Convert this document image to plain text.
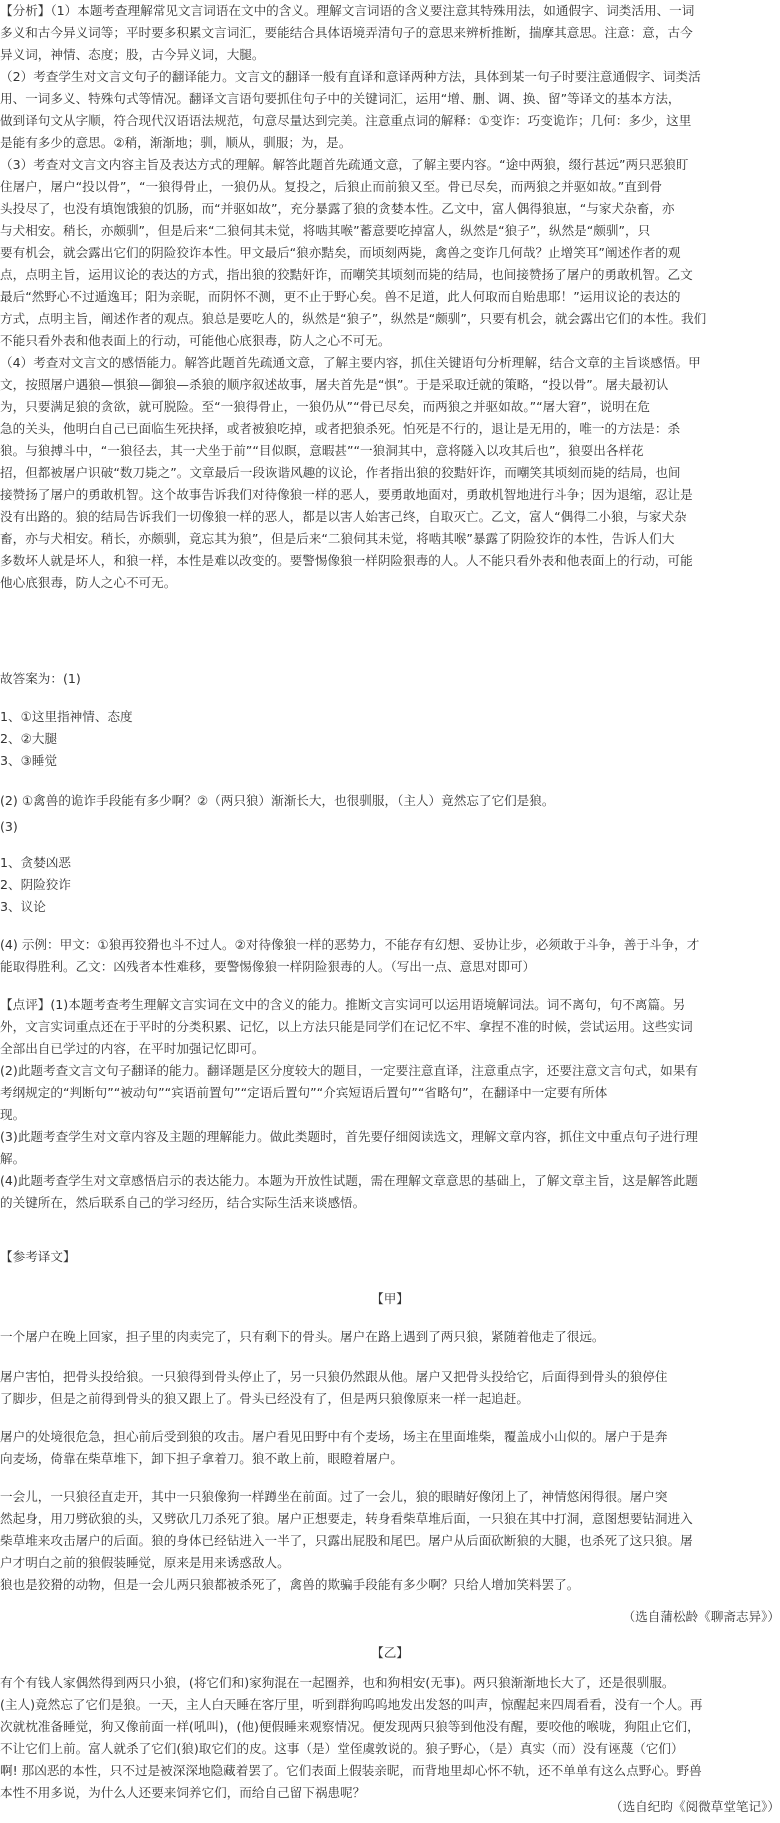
【分析】（1）本题考查理解常见文言词语在文中的含义。理解文言词语的含义要注意其特殊用法，如通假字、词类活用、一词
多义和古今异义词等；平时要多积累文言词汇，要能结合具体语境弄清句子的意思来辨析推断，揣摩其意思。注意：意，古今
异义词，神情、态度；股，古今异义词，大腿。
（2）考查学生对文言文句子的翻译能力。文言文的翻译一般有直译和意译两种方法，具体到某一句子时要注意通假字、词类活
用、一词多义、特殊句式等情况。翻译文言语句要抓住句子中的关键词汇，运用“增、删、调、换、留”等译文的基本方法，
做到译句文从字顺，符合现代汉语语法规范，句意尽量达到完美。注意重点词的解释：①变诈：巧变诡诈；几何：多少，这里
是能有多少的意思。②稍，渐渐地；驯，顺从，驯服；为，是。
（3）考查对文言文内容主旨及表达方式的理解。解答此题首先疏通文意，了解主要内容。“途中两狼，缀行甚远”两只恶狼盯
住屠户，屠户“投以骨”，“一狼得骨止，一狼仍从。复投之，后狼止而前狼又至。骨已尽矣，而两狼之并驱如故。”直到骨
头投尽了，也没有填饱饿狼的饥肠，而“并驱如故”，充分暴露了狼的贪婪本性。乙文中，富人偶得狼崽，“与家犬杂畜，亦
与犬相安。稍长，亦颇驯”，但是后来“二狼伺其未觉，将啮其喉”蓄意要吃掉富人，纵然是“狼子”，纵然是“颇驯”，只
要有机会，就会露出它们的阴险狡诈本性。甲文最后“狼亦黠矣，而顷刻两毙，禽兽之变诈几何哉？止增笑耳”阐述作者的观
点，点明主旨，运用议论的表达的方式，指出狼的狡黠奸诈，而嘲笑其顷刻而毙的结局，也间接赞扬了屠户的勇敢机智。乙文
最后“然野心不过遁逸耳；阳为亲昵，而阴怀不测，更不止于野心矣。兽不足道，此人何取而自贻患耶！”运用议论的表达的
方式，点明主旨，阐述作者的观点。狼总是要吃人的，纵然是“狼子”，纵然是“颇驯”，只要有机会，就会露出它们的本性。我们
不能只看外表和他表面上的行动，可能他心底狠毒，防人之心不可无。
（4）考查对文言文的感悟能力。解答此题首先疏通文意，了解主要内容，抓住关键语句分析理解，结合文章的主旨谈感悟。甲
文，按照屠户遇狼—惧狼—御狼—杀狼的顺序叙述故事，屠夫首先是“惧”。于是采取迁就的策略，“投以骨”。屠夫最初认
为，只要满足狼的贪欲，就可脱险。至“一狼得骨止，一狼仍从”“骨已尽矣，而两狼之并驱如故。”“屠大窘”，说明在危
急的关头，他明白自己已面临生死抉择，或者被狼吃掉，或者把狼杀死。怕死是不行的，退让是无用的，唯一的方法是：杀
狼。与狼搏斗中，“一狼径去，其一犬坐于前”“目似瞑，意暇甚”“一狼洞其中，意将隧入以攻其后也”，狼耍出各样花
招，但都被屠户识破“数刀毙之”。文章最后一段诙谐风趣的议论，作者指出狼的狡黠奸诈，而嘲笑其顷刻而毙的结局，也间
接赞扬了屠户的勇敢机智。这个故事告诉我们对待像狼一样的恶人，要勇敢地面对，勇敢机智地进行斗争；因为退缩，忍让是
没有出路的。狼的结局告诉我们一切像狼一样的恶人，都是以害人始害己终，自取灭亡。乙文，富人“偶得二小狼，与家犬杂
畜，亦与犬相安。稍长，亦颇驯，竟忘其为狼”，但是后来“二狼伺其未觉，将啮其喉”暴露了阴险狡诈的本性，告诉人们大
多数坏人就是坏人，和狼一样，本性是难以改变的。要警惕像狼一样阴险狠毒的人。人不能只看外表和他表面上的行动，可能
他心底狠毒，防人之心不可无。
故答案为：(1)
1、①这里指神情、态度
2、②大腿
3、③睡觉
(2) ①禽兽的诡诈手段能有多少啊？②（两只狼）渐渐长大，也很驯服，（主人）竟然忘了它们是狼。
(3)
1、贪婪凶恶
2、阴险狡诈
3、议论
(4) 示例：甲文：①狼再狡猾也斗不过人。②对待像狼一样的恶势力，不能存有幻想、妥协让步，必须敢于斗争，善于斗争，才
能取得胜利。乙文：凶残者本性难移，要警惕像狼一样阴险狠毒的人。（写出一点、意思对即可）
【点评】(1)本题考查考生理解文言实词在文中的含义的能力。推断文言实词可以运用语境解词法。词不离句，句不离篇。另
外，文言实词重点还在于平时的分类积累、记忆，以上方法只能是同学们在记忆不牢、拿捏不准的时候，尝试运用。这些实词
全部出自已学过的内容，在平时加强记忆即可。
(2)此题考查文言文句子翻译的能力。翻译题是区分度较大的题目，一定要注意直译，注意重点字，还要注意文言句式，如果有
考纲规定的“判断句”“被动句”“宾语前置句”“定语后置句”“介宾短语后置句”“省略句”，在翻译中一定要有所体
现。
(3)此题考查学生对文章内容及主题的理解能力。做此类题时，首先要仔细阅读选文，理解文章内容，抓住文中重点句子进行理
解。
(4)此题考查学生对文章感悟启示的表达能力。本题为开放性试题，需在理解文章意思的基础上，了解文章主旨，这是解答此题
的关键所在，然后联系自己的学习经历，结合实际生活来谈感悟。
【参考译文】
【甲】
一个屠户在晚上回家，担子里的肉卖完了，只有剩下的骨头。屠户在路上遇到了两只狼，紧随着他走了很远。
屠户害怕，把骨头投给狼。一只狼得到骨头停止了，另一只狼仍然跟从他。屠户又把骨头投给它，后面得到骨头的狼停住
了脚步，但是之前得到骨头的狼又跟上了。骨头已经没有了，但是两只狼像原来一样一起追赶。
屠户的处境很危急，担心前后受到狼的攻击。屠户看见田野中有个麦场，场主在里面堆柴，覆盖成小山似的。屠户于是奔
向麦场，倚靠在柴草堆下，卸下担子拿着刀。狼不敢上前，眼瞪着屠户。
一会儿，一只狼径直走开，其中一只狼像狗一样蹲坐在前面。过了一会儿，狼的眼睛好像闭上了，神情悠闲得很。屠户突
然起身，用刀劈砍狼的头，又劈砍几刀杀死了狼。屠户正想要走，转身看柴草堆后面，一只狼在其中打洞，意图想要钻洞进入
柴草堆来攻击屠户的后面。狼的身体已经钻进入一半了，只露出屁股和尾巴。屠户从后面砍断狼的大腿，也杀死了这只狼。屠
户才明白之前的狼假装睡觉，原来是用来诱惑敌人。
狼也是狡猾的动物，但是一会儿两只狼都被杀死了，禽兽的欺骗手段能有多少啊？只给人增加笑料罢了。
（选自蒲松龄《聊斋志异》）
【乙】
有个有钱人家偶然得到两只小狼，(将它们和)家狗混在一起圈养，也和狗相安(无事)。两只狼渐渐地长大了，还是很驯服。
(主人)竟然忘了它们是狼。一天，主人白天睡在客厅里，听到群狗呜呜地发出发怒的叫声，惊醒起来四周看看，没有一个人。再
次就枕准备睡觉，狗又像前面一样(吼叫)，(他)便假睡来观察情况。便发现两只狼等到他没有醒，要咬他的喉咙，狗阻止它们，
不让它们上前。富人就杀了它们(狼)取它们的皮。这事（是）堂侄虞敦说的。狼子野心，（是）真实（而）没有诬蔑（它们）
啊! 那凶恶的本性，只不过是被深深地隐藏着罢了。它们表面上假装亲昵，而背地里却心怀不轨，还不单单有这么点野心。野兽
本性不用多说，为什么人还要来饲养它们，而给自己留下祸患呢？
（选自纪昀《阅微草堂笔记》）
